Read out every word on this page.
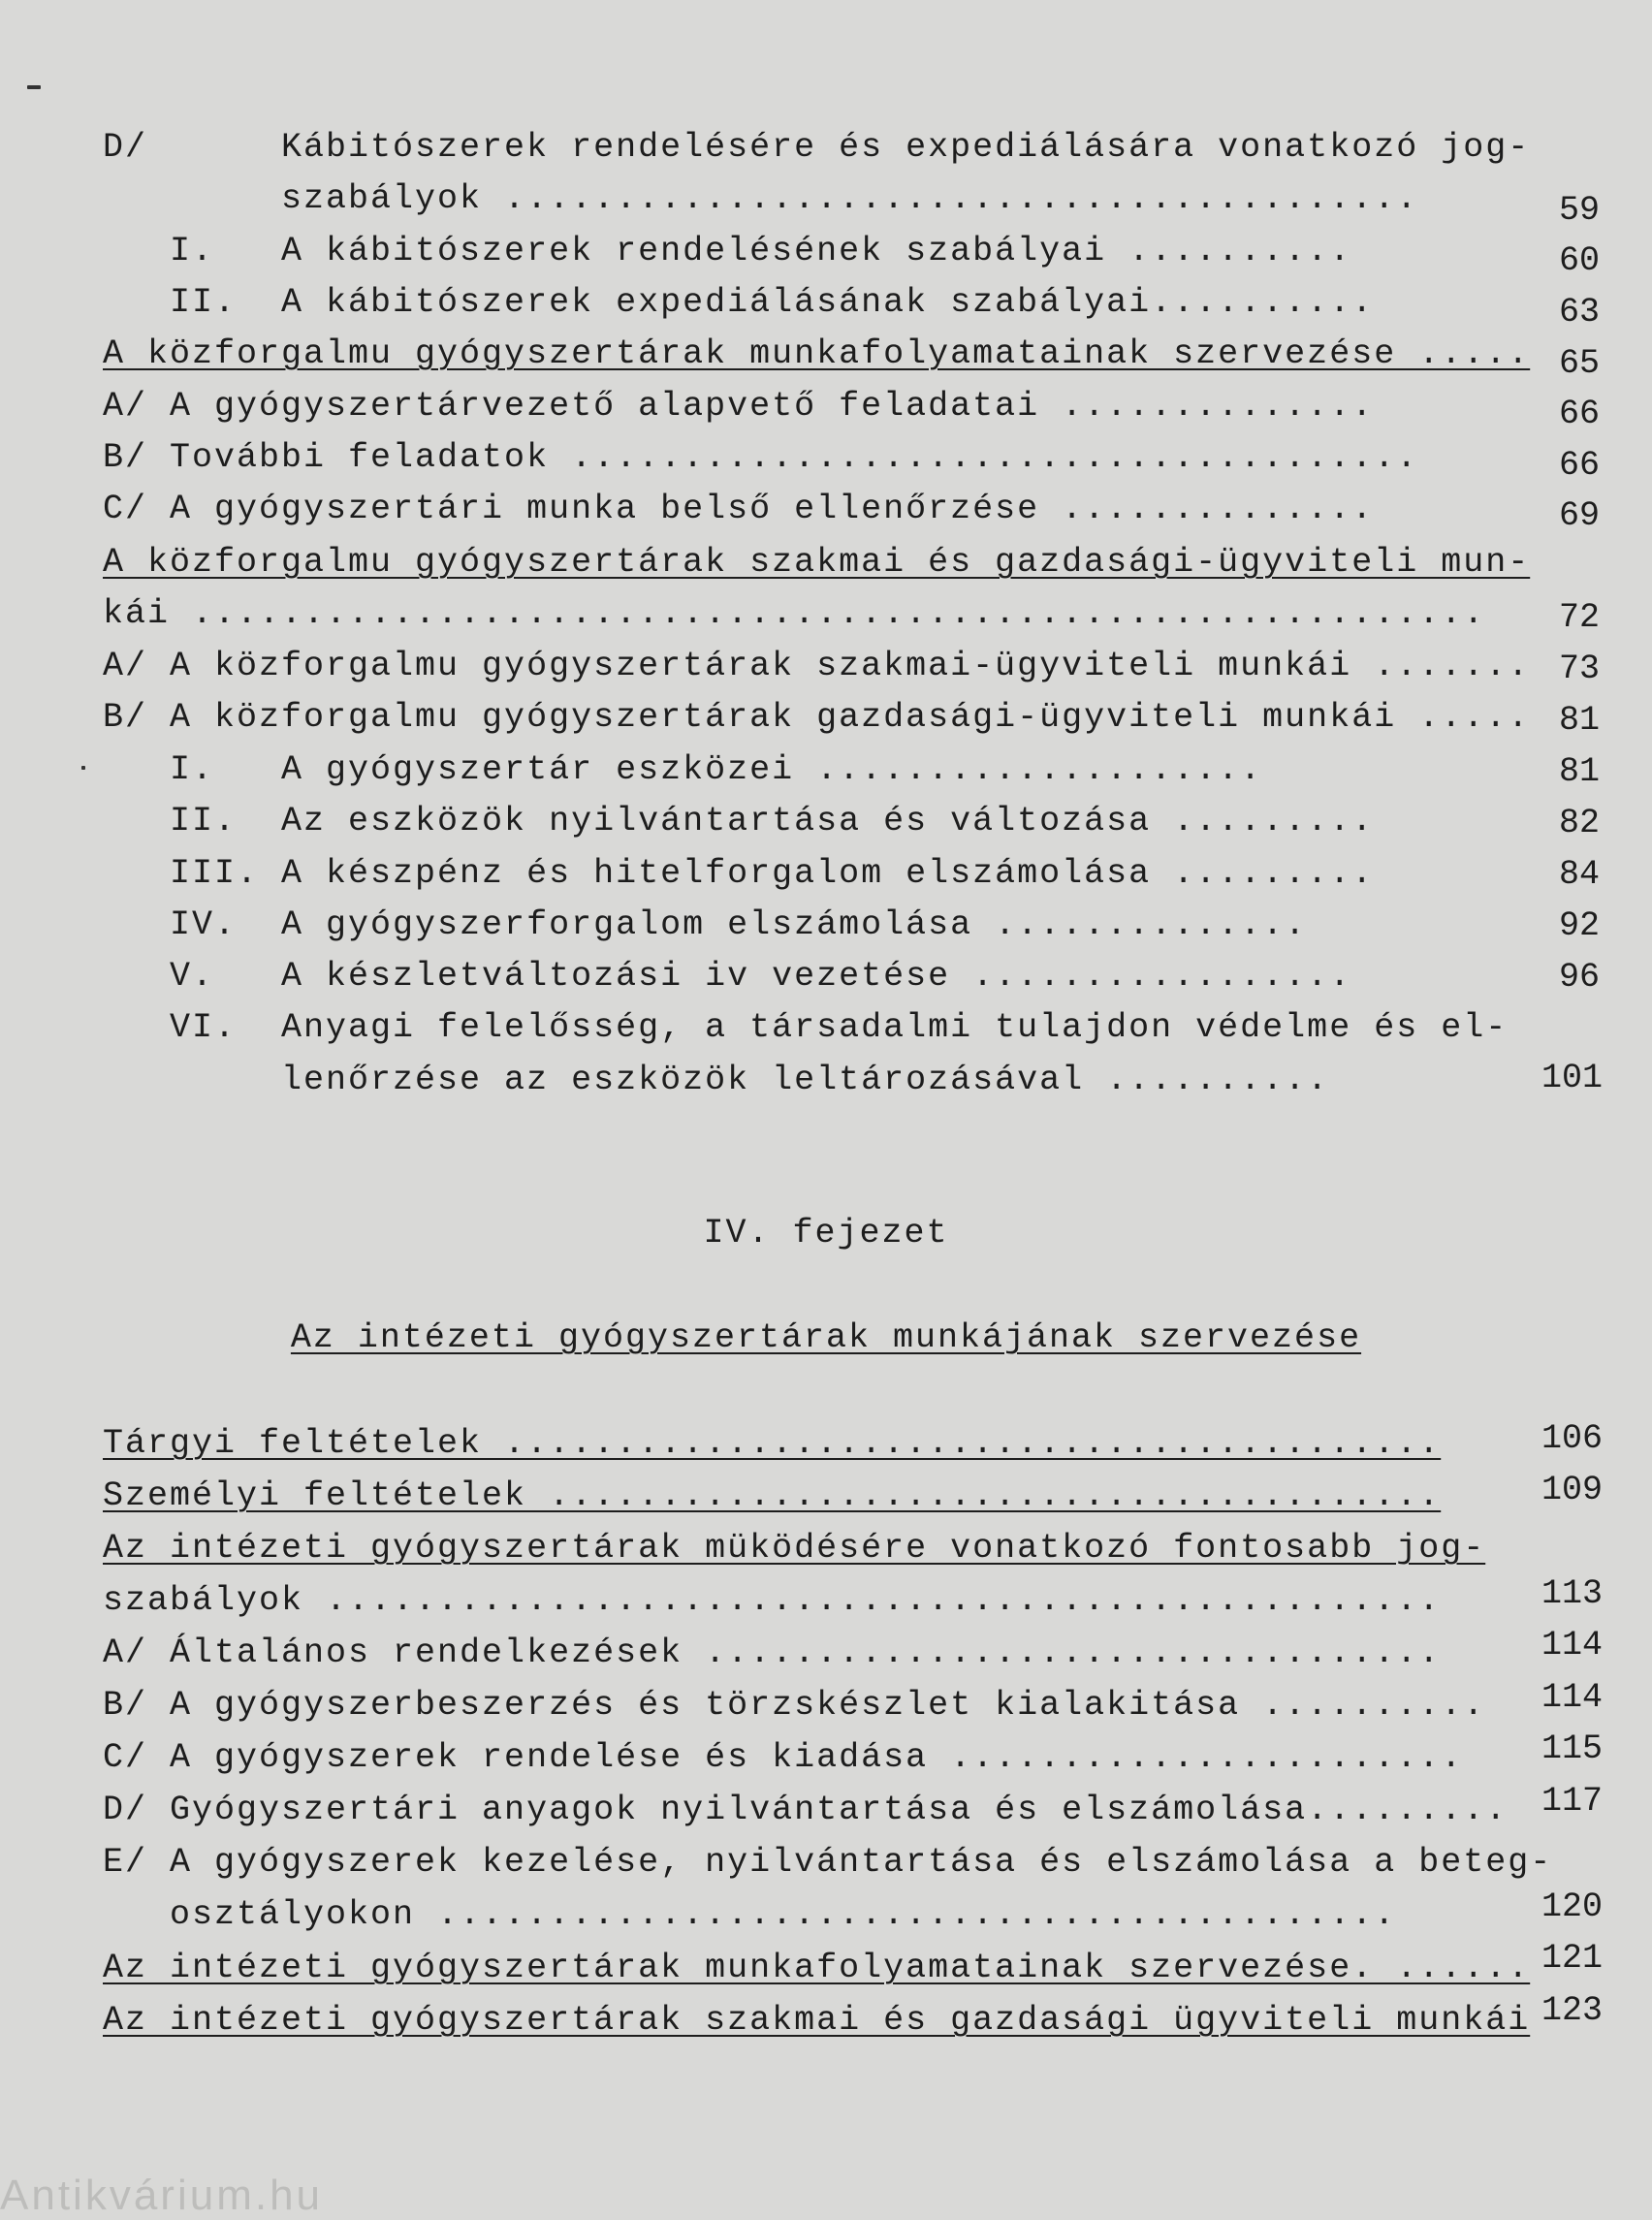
D/      Kábitószerek rendelésére és expediálására vonatkozó jog-
szabályok .........................................	59
I.   A kábitószerek rendelésének szabályai ..........	60
II.  A kábitószerek expediálásának szabályai..........	63
A közforgalmu gyógyszertárak munkafolyamatainak szervezése ..... 65
A/ A gyógyszertárvezető alapvető feladatai ..............	66
B/ További feladatok ......................................	66
C/ A gyógyszertári munka belső ellenőrzése ..............	69
A közforgalmu gyógyszertárak szakmai és gazdasági-ügyviteli mun-
kái ..........................................................	72
A/ A közforgalmu gyógyszertárak szakmai-ügyviteli munkái ....... 73
B/ A közforgalmu gyógyszertárak gazdasági-ügyviteli munkái ..... 81
I.   A gyógyszertár eszközei ....................	81
II.  Az eszközök nyilvántartása és változása .........	82
III. A készpénz és hitelforgalom elszámolása .........	84
IV.  A gyógyszerforgalom elszámolása ..............	92
V.   A készletváltozási iv vezetése .................	96
VI.  Anyagi felelősség, a társadalmi tulajdon védelme és el-
lenőrzése az eszközök leltározásával ..........	101
IV. fejezet
Az intézeti gyógyszertárak munkájának szervezése
Tárgyi feltételek ..........................................	106
Személyi feltételek ........................................	109
Az intézeti gyógyszertárak müködésére vonatkozó fontosabb jog-
szabályok ..................................................	113
A/ Általános rendelkezések .................................	114
B/ A gyógyszerbeszerzés és törzskészlet kialakitása .......... 114
C/ A gyógyszerek rendelése és kiadása ....................... 115
D/ Gyógyszertári anyagok nyilvántartása és elszámolása......... 117
E/ A gyógyszerek kezelése, nyilvántartása és elszámolása a beteg-
osztályokon ...........................................	120
Az intézeti gyógyszertárak munkafolyamatainak szervezése. ...... 121
Az intézeti gyógyszertárak szakmai és gazdasági ügyviteli munkái 123
Antikvárium.hu
